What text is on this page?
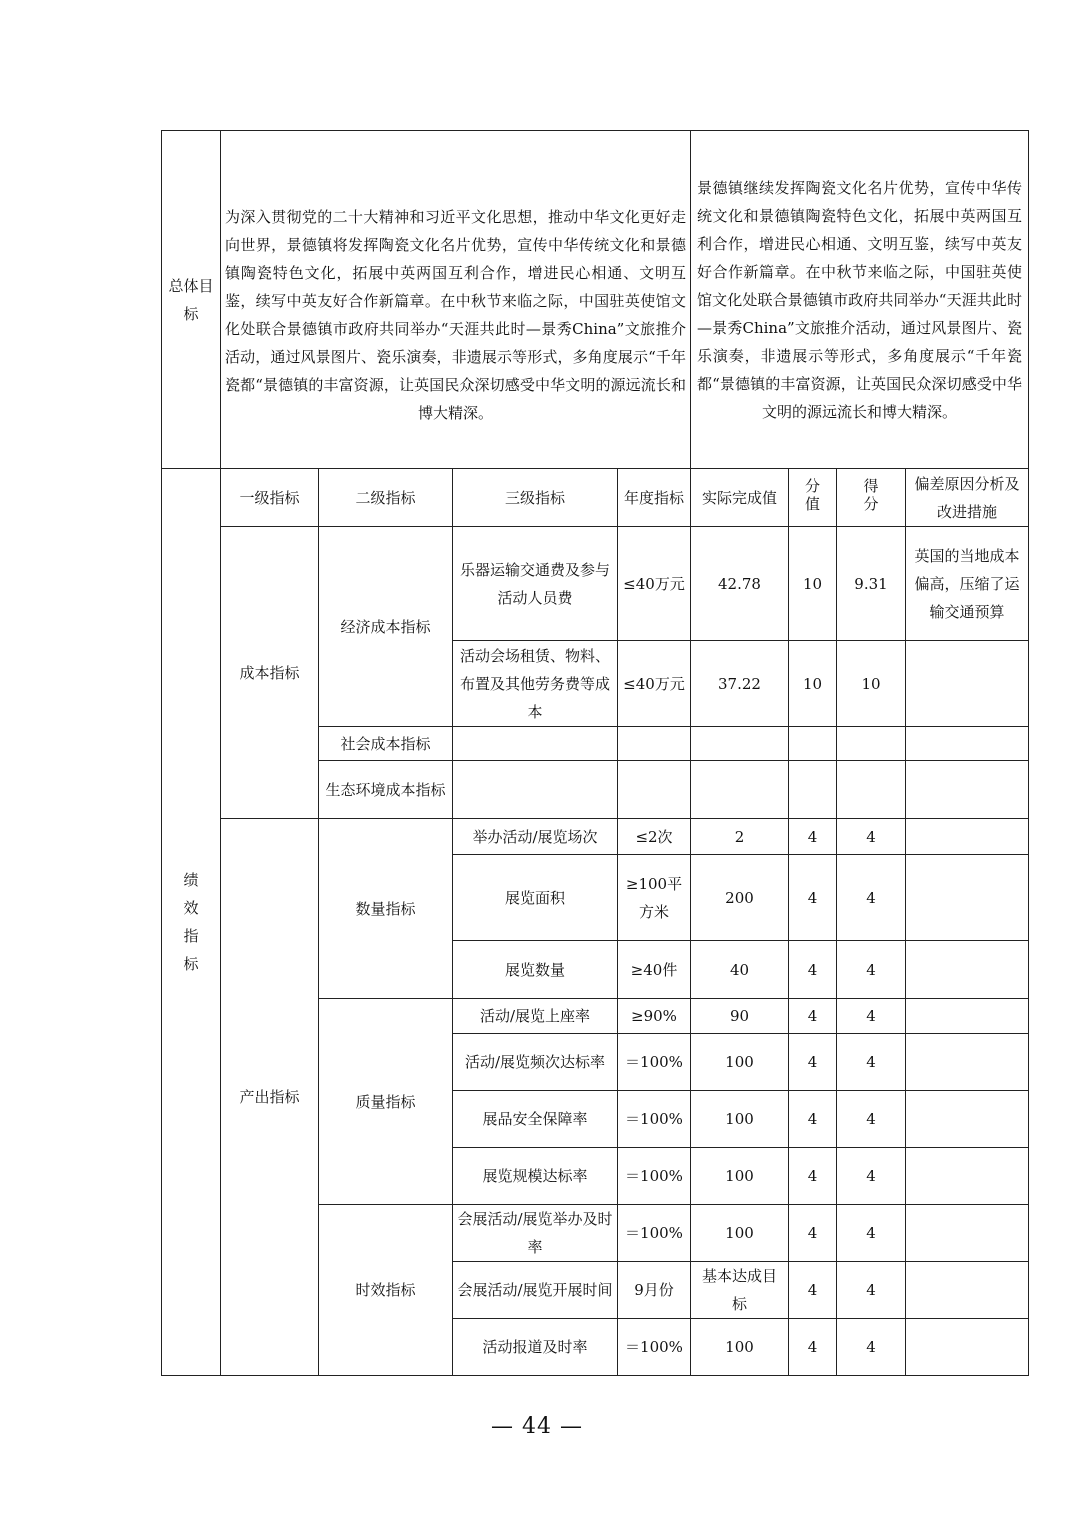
总体目标	为深入贯彻党的二十大精神和习近平文化思想，推动中华文化更好走向世界，景德镇将发挥陶瓷文化名片优势，宣传中华传统文化和景德镇陶瓷特色文化，拓展中英两国互利合作，增进民心相通、文明互鉴，续写中英友好合作新篇章。在中秋节来临之际，中国驻英使馆文化处联合景德镇市政府共同举办“天涯共此时—景秀China”文旅推介活动，通过风景图片、瓷乐演奏，非遗展示等形式，多角度展示“千年瓷都“景德镇的丰富资源，让英国民众深切感受中华文明的源远流长和博大精深。				景德镇继续发挥陶瓷文化名片优势，宣传中华传统文化和景德镇陶瓷特色文化，拓展中英两国互利合作，增进民心相通、文明互鉴，续写中英友好合作新篇章。在中秋节来临之际，中国驻英使馆文化处联合景德镇市政府共同举办“天涯共此时—景秀China”文旅推介活动，通过风景图片、瓷乐演奏，非遗展示等形式，多角度展示“千年瓷都“景德镇的丰富资源，让英国民众深切感受中华文明的源远流长和博大精深。			
绩效指标	一级指标	二级指标	三级指标	年度指标	实际完成值	分值	得分	偏差原因分析及改进措施
	成本指标	经济成本指标	乐器运输交通费及参与活动人员费	≤40万元	42.78	10	9.31	英国的当地成本偏高，压缩了运输交通预算
			活动会场租赁、物料、布置及其他劳务费等成本	≤40万元	37.22	10	10	
		社会成本指标						
		生态环境成本指标						
	产出指标	数量指标	举办活动/展览场次	≤2次	2	4	4	
			展览面积	≥100平方米	200	4	4	
			展览数量	≥40件	40	4	4	
		质量指标	活动/展览上座率	≥90%	90	4	4	
			活动/展览频次达标率	＝100%	100	4	4	
			展品安全保障率	＝100%	100	4	4	
			展览规模达标率	＝100%	100	4	4	
		时效指标	会展活动/展览举办及时率	＝100%	100	4	4	
			会展活动/展览开展时间	9月份	基本达成目标	4	4	
			活动报道及时率	＝100%	100	4	4	
— 44 —
